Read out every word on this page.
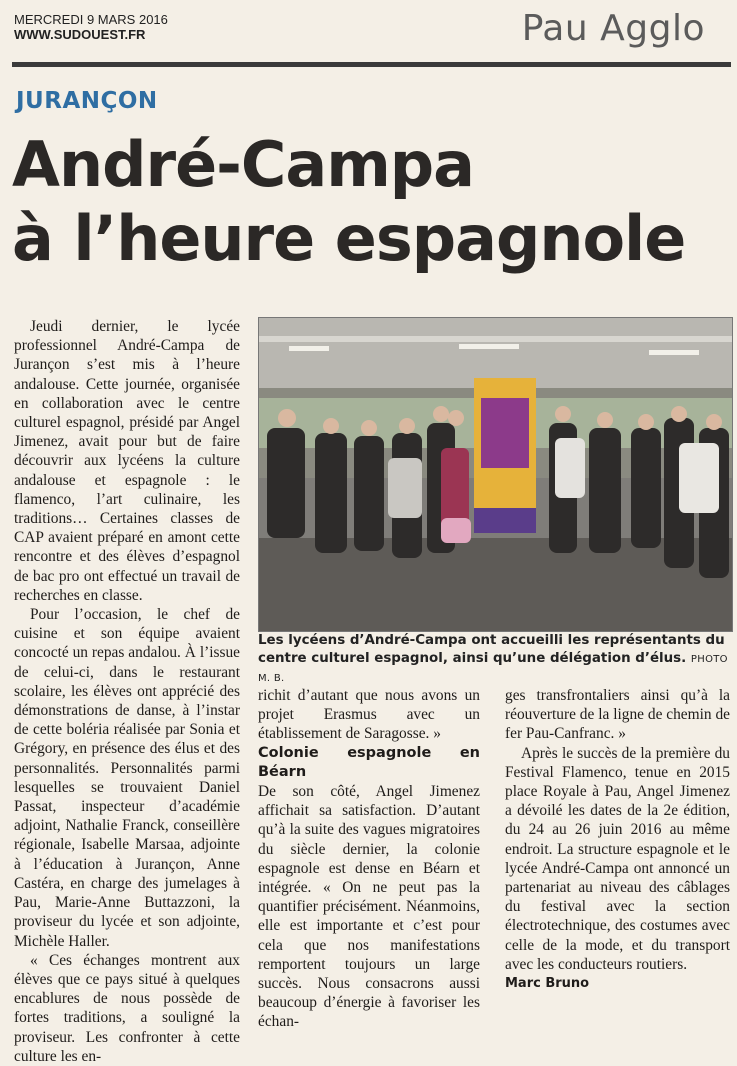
MERCREDI 9 MARS 2016
WWW.SUDOUEST.FR	Pau Agglo
JURANÇON
André-Campa
à l’heure espagnole

Jeudi dernier, le lycée professionnel André-Campa de Jurançon s’est mis à l’heure andalouse. Cette journée, organisée en collaboration avec le centre culturel espagnol, présidé par Angel Jimenez, avait pour but de faire découvrir aux lycéens la culture andalouse et espagnole : le flamenco, l’art culinaire, les traditions… Certaines classes de CAP avaient préparé en amont cette rencontre et des élèves d’espagnol de bac pro ont effectué un travail de recherches en classe.

Pour l’occasion, le chef de cuisine et son équipe avaient concocté un repas andalou. À l’issue de celui-ci, dans le restaurant scolaire, les élèves ont apprécié des démonstrations de danse, à l’instar de cette boléria réalisée par Sonia et Grégory, en présence des élus et des personnalités. Personnalités parmi lesquelles se trouvaient Daniel Passat, inspecteur d’académie adjoint, Nathalie Franck, conseillère régionale, Isabelle Marsaa, adjointe à l’éducation à Jurançon, Anne Castéra, en charge des jumelages à Pau, Marie-Anne Buttazzoni, la proviseur du lycée et son adjointe, Michèle Haller.

« Ces échanges montrent aux élèves que ce pays situé à quelques encablures de nous possède de fortes traditions, a souligné la proviseur. Les confronter à cette culture les en-

Les lycéens d’André-Campa ont accueilli les représentants du centre culturel espagnol, ainsi qu’une délégation d’élus. PHOTO M. B.

richit d’autant que nous avons un projet Erasmus avec un établissement de Saragosse. »

Colonie espagnole en Béarn

De son côté, Angel Jimenez affichait sa satisfaction. D’autant qu’à la suite des vagues migratoires du siècle dernier, la colonie espagnole est dense en Béarn et intégrée. « On ne peut pas la quantifier précisément. Néanmoins, elle est importante et c’est pour cela que nos manifestations remportent toujours un large succès. Nous consacrons aussi beaucoup d’énergie à favoriser les échan-

ges transfrontaliers ainsi qu’à la réouverture de la ligne de chemin de fer Pau-Canfranc. »

Après le succès de la première du Festival Flamenco, tenue en 2015 place Royale à Pau, Angel Jimenez a dévoilé les dates de la 2e édition, du 24 au 26 juin 2016 au même endroit. La structure espagnole et le lycée André-Campa ont annoncé un partenariat au niveau des câblages du festival avec la section électrotechnique, des costumes avec celle de la mode, et du transport avec les conducteurs routiers.

Marc Bruno
